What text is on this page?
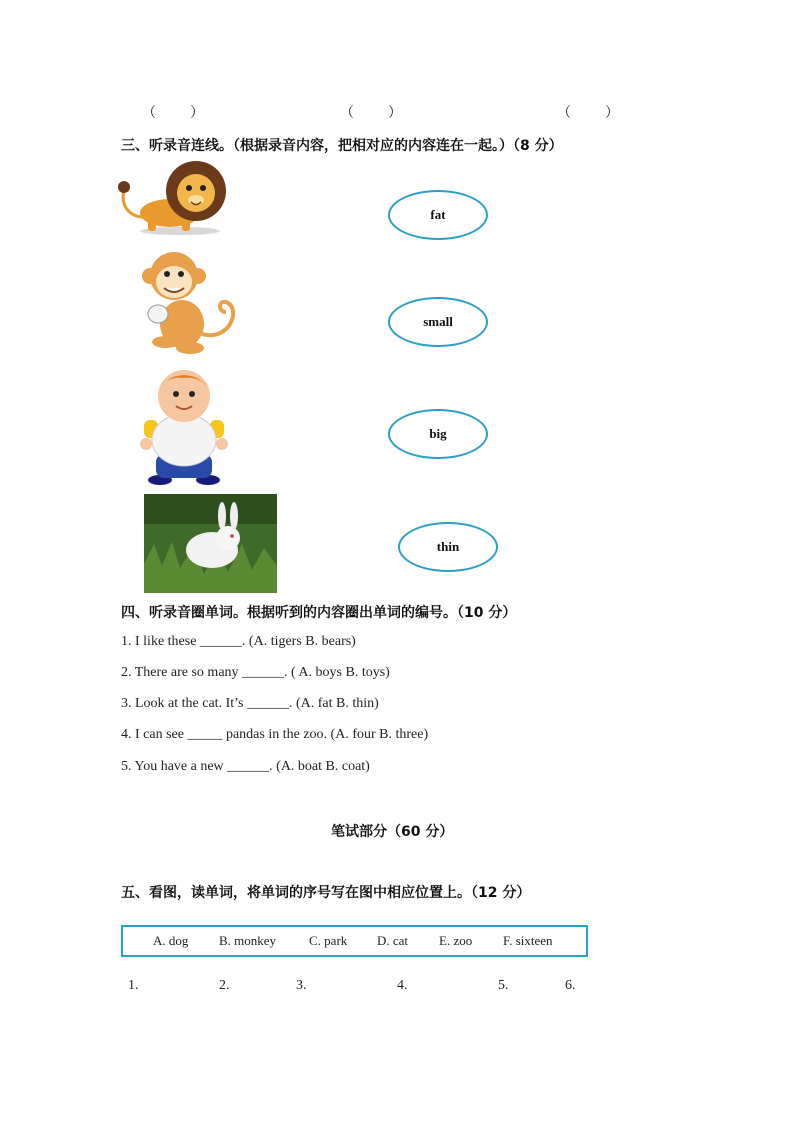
（　　）	（　　）	（　　）
三、听录音连线。（根据录音内容，把相对应的内容连在一起。）（8 分）
fat
small
big
thin
四、听录音圈单词。根据听到的内容圈出单词的编号。（10 分）
1. I like these ______. (A. tigers B. bears)
2. There are so many ______. ( A. boys B. toys)
3. Look at the cat. It’s ______. (A. fat B. thin)
4. I can see _____ pandas in the zoo. (A. four B. three)
5. You have a new ______. (A. boat B. coat)
笔试部分（60 分）
五、看图，读单词，将单词的序号写在图中相应位置上。（12 分）
A. dog B. monkey	C. park D. cat E. zoo F. sixteen
1.	2.	3.	4.	5.	6.
